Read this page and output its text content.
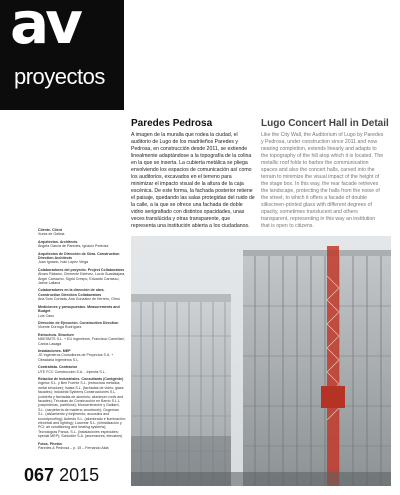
av
proyectos
Paredes Pedrosa	Lugo Concert Hall in Detail
A imagen de la muralla que rodea la ciudad, el auditorio de Lugo de los madrileños Paredes y Pedrosa, en construcción desde 2011, se extiende linealmente adaptándose a la topografía de la colina en la que se inserta. La cubierta metálica se pliega envolviendo los espacios de comunicación así como los auditorios, excavados en el terreno para minimizar el impacto visual de la altura de la caja escénica. De este forma, la fachada posterior retiene el paisaje, quedando las salas protegidas del ruido de la calle, a la que se ofrece una fachada de doble vidrio serigrafiado con distintos opacidades, unas veces translúcida y otras transparente, que representa una institución abierta a los ciudadanos.
Like the City Wall, the Auditorium of Lugo by Paredes y Pedrosa, under construction since 2011 and now nearing completion, extends linearly and adapts to the topography of the hill atop which it is located. The metallic roof folds to harbor the communication spaces and also the concert halls, carved into the terrain to minimize the visual impact of the height of the stage box. In this way, the rear facade retrieves the landscape, protecting the halls from the noise of the street, to which it offers a facade of double silkscreen-printed glass with different degrees of opacity, sometimes translucent and others transparent, representing in this way an institution that is open to citizens.
Cliente. Client
Xunta de Galicia
Arquitectos. Architects
Ángela García de Paredes, Ignacio Pedrosa
Arquitectos de Dirección de Obra. Construction Direction Architects
Juan Ignacio, Iván López Viega
Colaboradores del proyecto. Project Collaborators
Álvaro Rábano, Clemente Estévez, Lucía Guadalajara, Ángel Camacho, Sigrid Crespo, Eduardo Carrasco, Jaime Lallana
Colaboradores en la dirección de obra. Construction Direction Collaborators
Ana Soto Cortada, Ana González de Herrero, Olmo
Mediciones y presupuestos. Measurements and Budget
Luis Cano
Dirección de Ejecución. Construction Direction
Vicente Durruga Rodríguez
Estructura. Structure
NDESMTS S.L. + EU Ingenieros, Francisco Camellari, Carlos Lasaga
Instalaciones. MEP
JG Ingenieros Consultores de Proyectos S.A. + Obradaria Ingenieros S.L.
Contratista. Contractor
UTE FCC Construcción S.A. - Injenda S.L.
Relación de Industriales. Consultants (Contgente)
Ingelux S.L. y Ben Fuente S.L. (estructura metálica; metal structure); Isaisa S.L. (fachadas de vidrio; glass facades); Industrial Systems Construcciones S.L. (cubierta y fachadas de aluminio; aluminum roofs and facades); Técnicas de Construcción en Barrio S.L.L (carpinterías, partitions); Moncerieneche y Gaillard, S.L. (carpintería de madera; woodwork); Gogeman S.L. (aislamiento y fonjimento; acoustics and soundproofing); Aubedo S.L. (alumbrado e iluminación; electrical and lighting); Luxcrear S.L. (climatización y PCI: air conditioning and heating systems); Tecnologías Panca, S.L. (instalaciones especiales; special MEP); Schindler S.A. (ascensores; elevators)
Fotos. Photos
Paredes & Pedrosa – p. 15 – Fernando Alda
067 2015
